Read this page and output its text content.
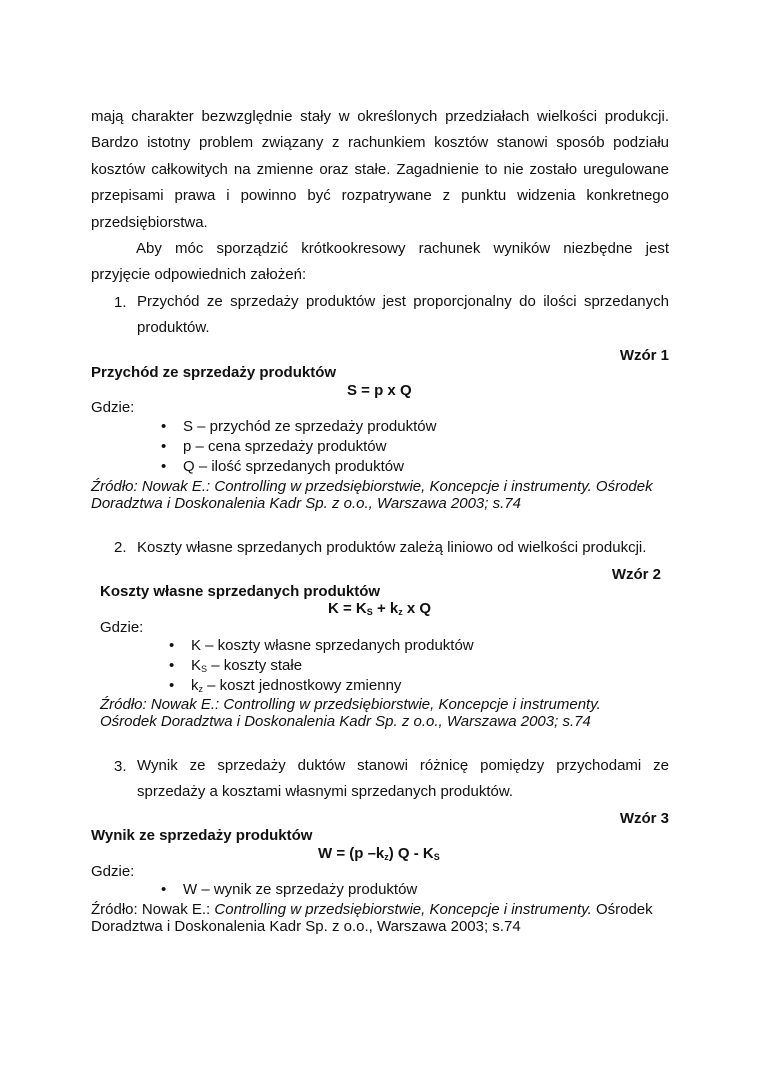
mają charakter bezwzględnie stały w określonych przedziałach wielkości produkcji.
Bardzo istotny problem związany z rachunkiem kosztów stanowi sposób podziału
kosztów całkowitych na zmienne oraz stałe. Zagadnienie to nie zostało uregulowane
przepisami prawa i powinno być rozpatrywane z punktu widzenia konkretnego
przedsiębiorstwa.
Aby móc sporządzić krótkookresowy rachunek wyników niezbędne jest
przyjęcie odpowiednich założeń:
1. Przychód ze sprzedaży produktów jest proporcjonalny do ilości sprzedanych
produktów.
Wzór 1
Przychód ze sprzedaży produktów
S = p x Q
Gdzie:
• S – przychód ze sprzedaży produktów
• p – cena sprzedaży produktów
• Q – ilość sprzedanych produktów
Źródło: Nowak E.: Controlling w przedsiębiorstwie, Koncepcje i instrumenty. Ośrodek
Doradztwa i Doskonalenia Kadr Sp. z o.o., Warszawa 2003; s.74
2. Koszty własne sprzedanych produktów zależą liniowo od wielkości produkcji.
Wzór 2
Koszty własne sprzedanych produktów
$K = K_S + k_z$ x Q
Gdzie:
• K – koszty własne sprzedanych produktów
• $K_S$ – koszty stałe
• $k_z$ – koszt jednostkowy zmienny
Źródło: Nowak E.: Controlling w przedsiębiorstwie, Koncepcje i instrumenty.
Ośrodek Doradztwa i Doskonalenia Kadr Sp. z o.o., Warszawa 2003; s.74
3. Wynik ze sprzedaży duktów stanowi różnicę pomiędzy przychodami ze
sprzedaży a kosztami własnymi sprzedanych produktów.
Wzór 3
Wynik ze sprzedaży produktów
W = (p $-k_z$) Q - $K_S$
Gdzie:
• W – wynik ze sprzedaży produktów
Źródło: Nowak E.: Controlling w przedsiębiorstwie, Koncepcje i instrumenty. Ośrodek
Doradztwa i Doskonalenia Kadr Sp. z o.o., Warszawa 2003; s.74
